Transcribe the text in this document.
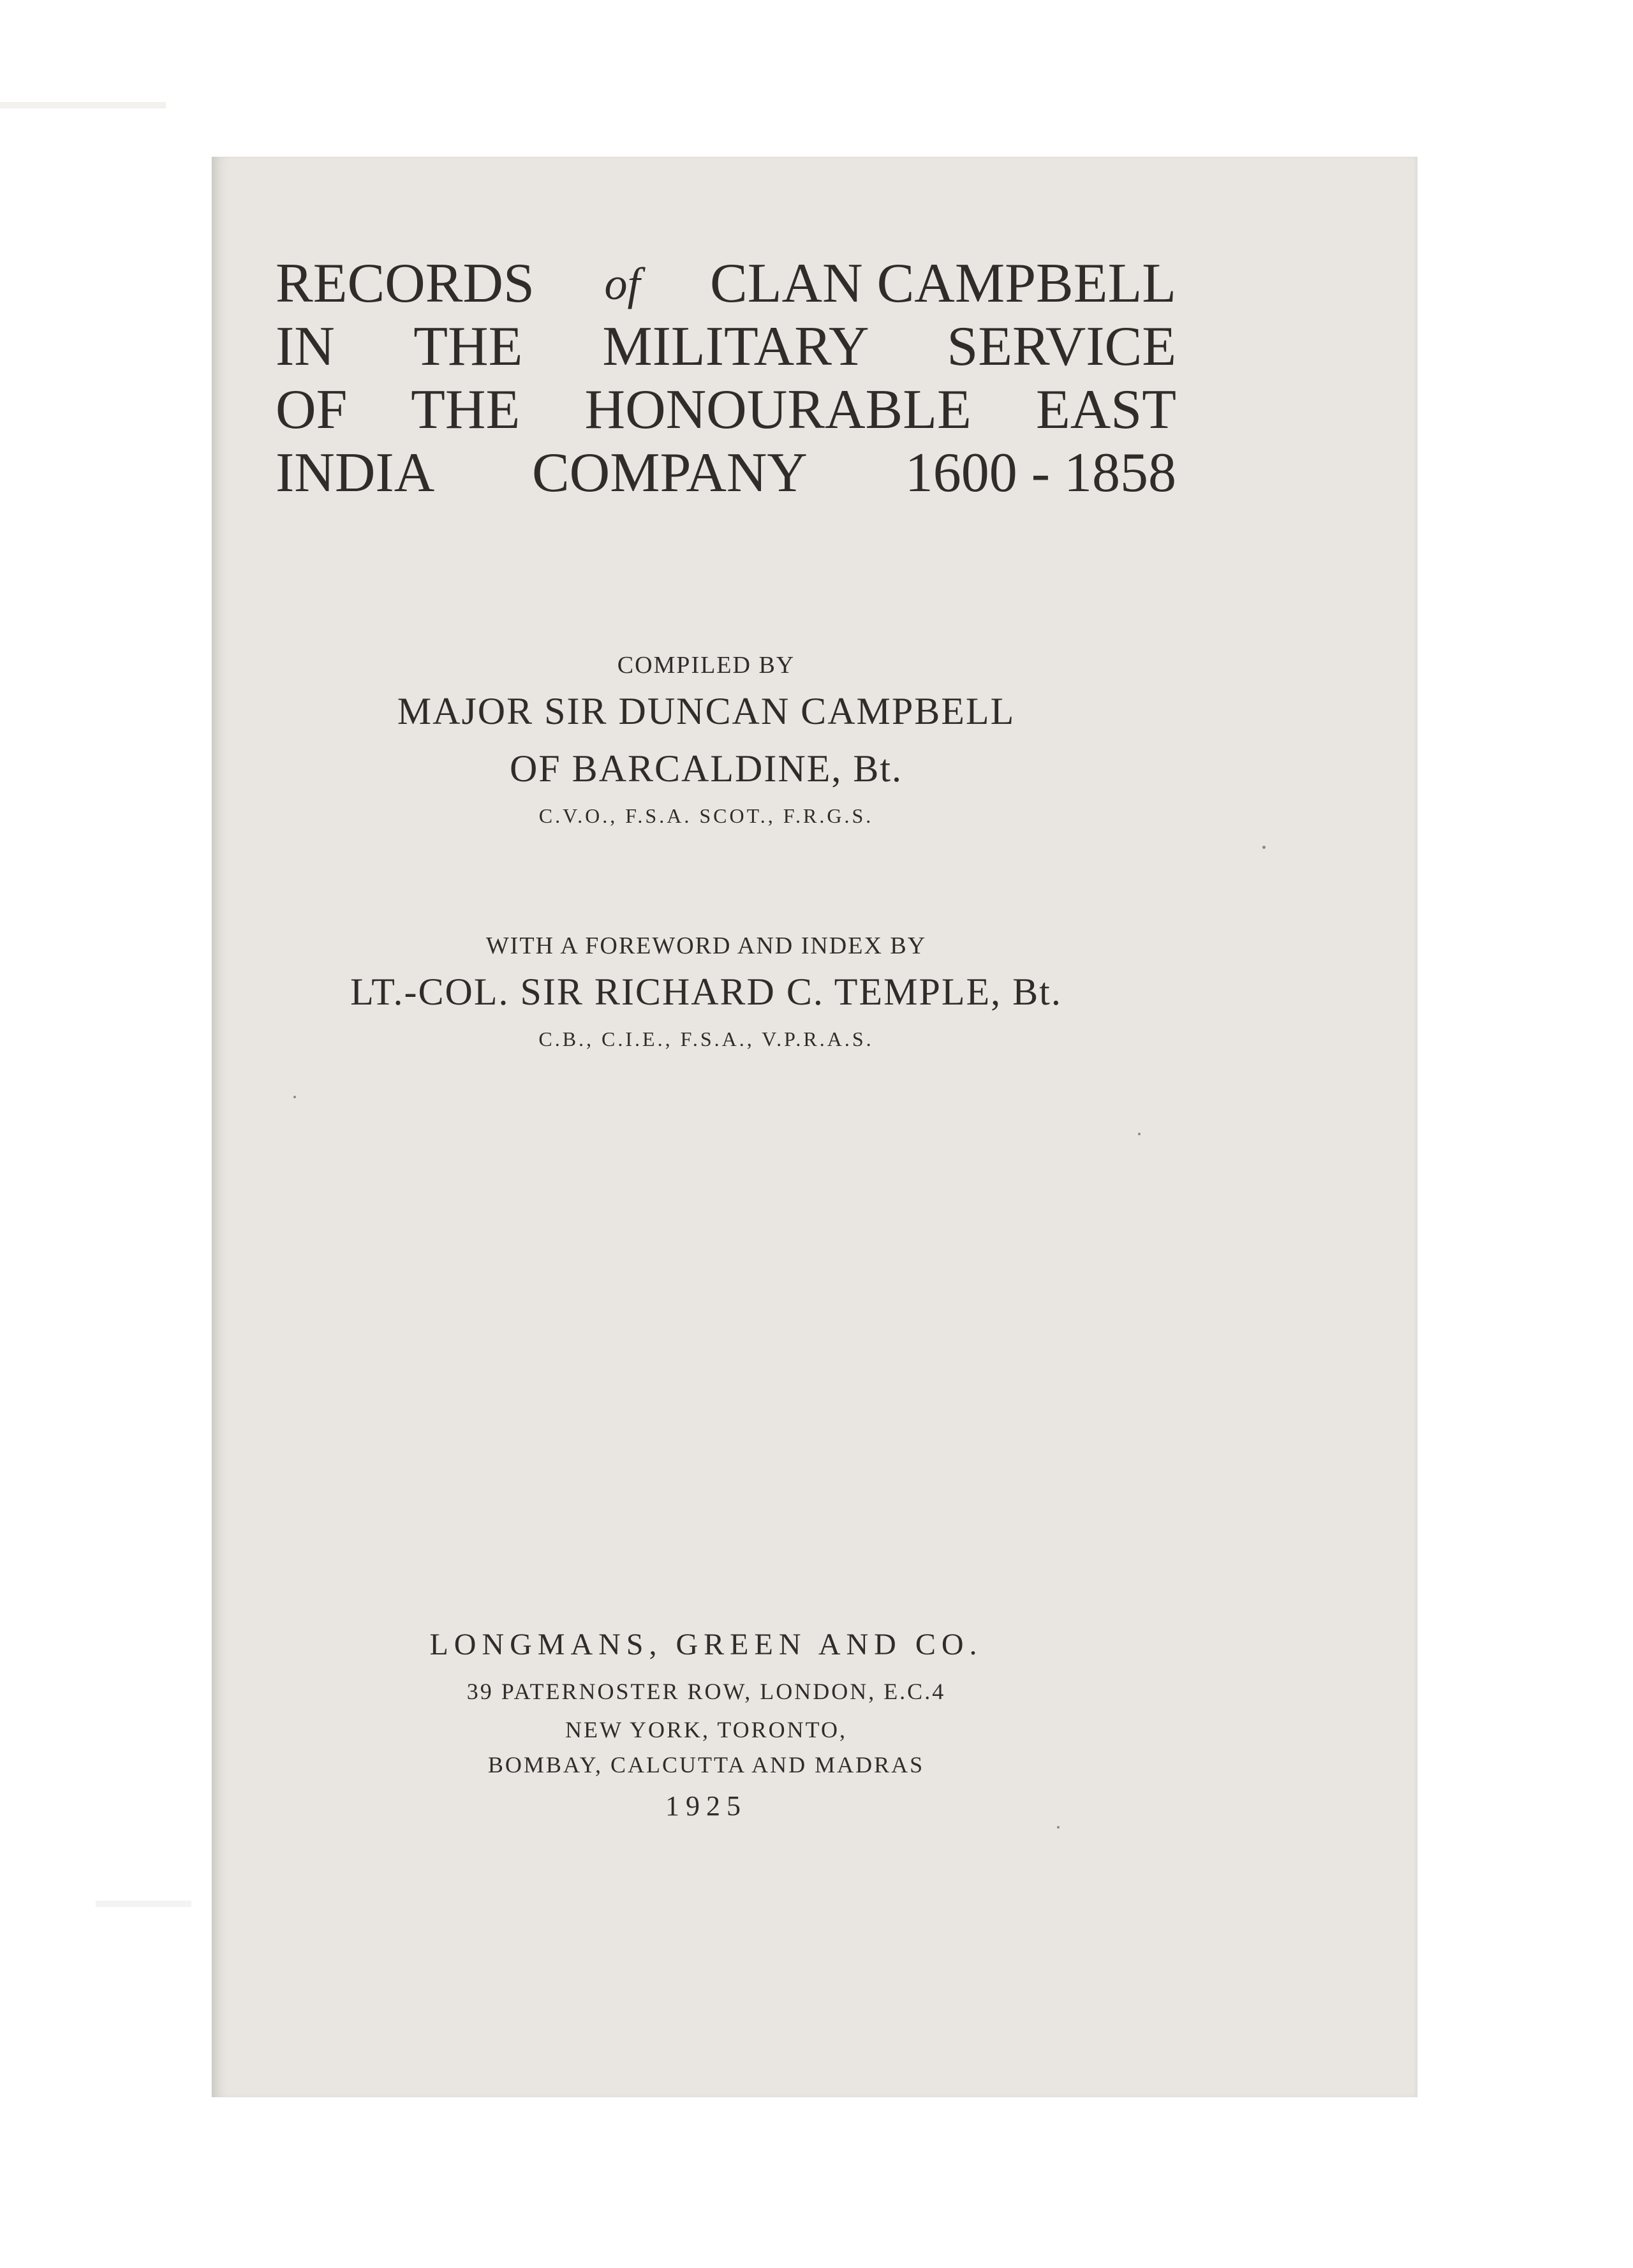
RECORDS of CLAN CAMPBELL
IN THE MILITARY SERVICE
OF THE HONOURABLE EAST
INDIA COMPANY 1600 - 1858
COMPILED BY
MAJOR SIR DUNCAN CAMPBELL
OF BARCALDINE, Bt.
C.V.O., F.S.A. SCOT., F.R.G.S.
WITH A FOREWORD AND INDEX BY
LT.-COL. SIR RICHARD C. TEMPLE, Bt.
C.B., C.I.E., F.S.A., V.P.R.A.S.
LONGMANS, GREEN AND CO.
39 PATERNOSTER ROW, LONDON, E.C.4
NEW YORK, TORONTO,
BOMBAY, CALCUTTA AND MADRAS
1925
